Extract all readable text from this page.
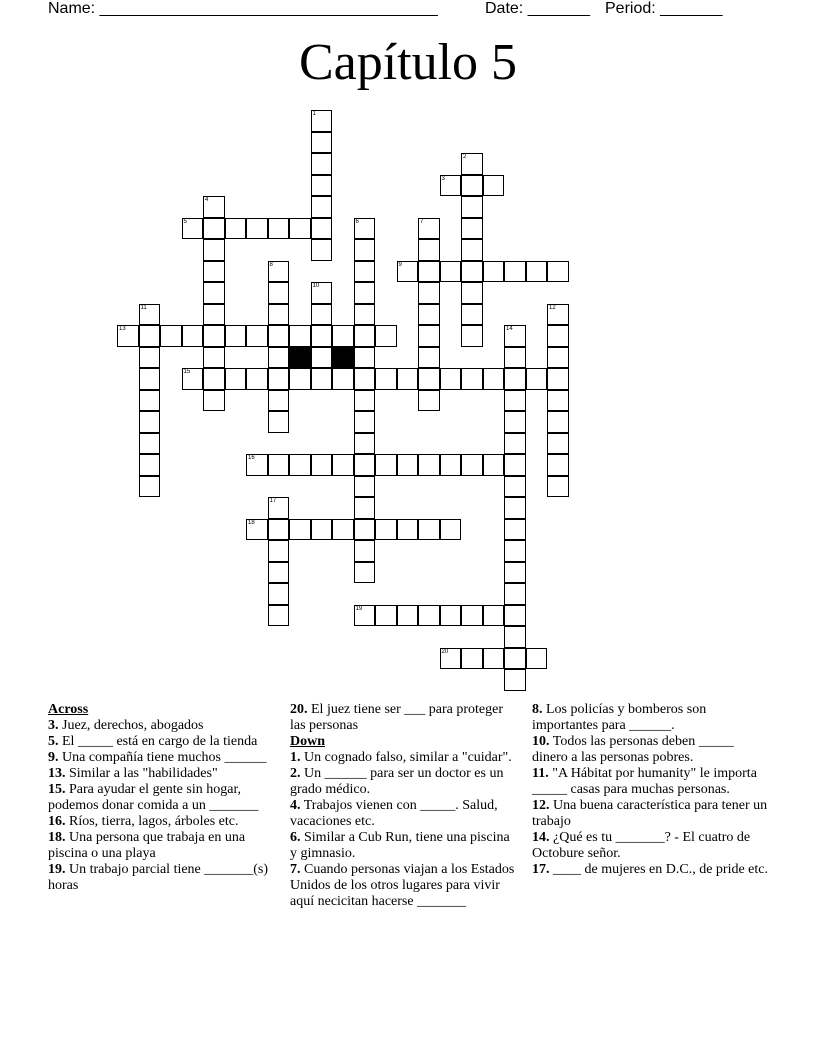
Name: ______________________________________	Date: _______ Period: _______
Capítulo 5
1
2
3
4
5	6	7
8	9
10
11	12
13	14
15
16
17
18
19
20

Across

3. Juez, derechos, abogados

5. El _____ está en cargo de la tienda

9. Una compañía tiene muchos ______

13. Similar a las "habilidades"

15. Para ayudar el gente sin hogar, podemos donar comida a un _______

16. Ríos, tierra, lagos, árboles etc.

18. Una persona que trabaja en una piscina o una playa

19. Un trabajo parcial tiene _______(s) horas

20. El juez tiene ser ___ para proteger las personas

Down

1. Un cognado falso, similar a "cuidar".

2. Un ______ para ser un doctor es un grado médico.

4. Trabajos vienen con _____. Salud, vacaciones etc.

6. Similar a Cub Run, tiene una piscina y gimnasio.

7. Cuando personas viajan a los Estados Unidos de los otros lugares para vivir aquí necicitan hacerse _______

8. Los policías y bomberos son importantes para ______.

10. Todos las personas deben _____ dinero a las personas pobres.

11. "A Hábitat por humanity" le importa _____ casas para muchas personas.

12. Una buena característica para tener un trabajo

14. ¿Qué es tu _______? - El cuatro de Octobure señor.

17. ____ de mujeres en D.C., de pride etc.
